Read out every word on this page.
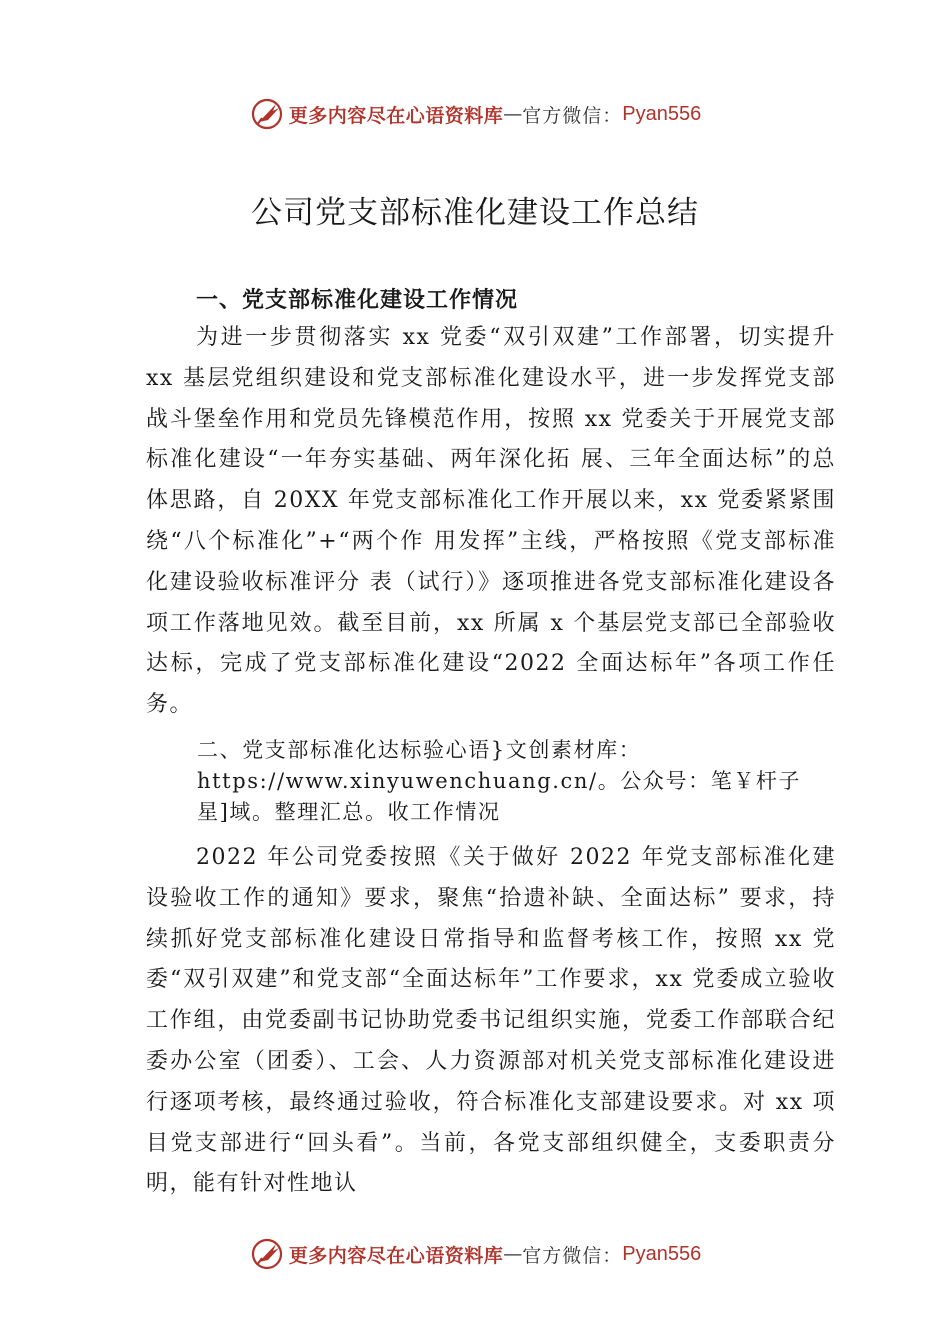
更多内容尽在心语资料库 — 官方微信： Pyan556
公司党支部标准化建设工作总结
一、党支部标准化建设工作情况

为进一步贯彻落实 xx 党委“双引双建”工作部署，切实提升 xx 基层党组织建设和党支部标准化建设水平，进一步发挥党支部战斗堡垒作用和党员先锋模范作用，按照 xx 党委关于开展党支部标准化建设“一年夯实基础、两年深化拓 展、三年全面达标”的总体思路，自 20XX 年党支部标准化工作开展以来，xx 党委紧紧围绕“八个标准化”+“两个作 用发挥”主线，严格按照《党支部标准化建设验收标准评分 表（试行）》逐项推进各党支部标准化建设各项工作落地见效。截至目前，xx 所属 x 个基层党支部已全部验收达标，完成了党支部标准化建设“2022 全面达标年”各项工作任务。

二、党支部标准化达标验心语}文创素材库：https://www.xinyuwenchuang.cn/。公众号：笔￥杆子星]域。整理汇总。收工作情况

2022 年公司党委按照《关于做好 2022 年党支部标准化建设验收工作的通知》要求，聚焦“拾遗补缺、全面达标” 要求，持续抓好党支部标准化建设日常指导和监督考核工作，按照 xx 党委“双引双建”和党支部“全面达标年”工作要求，xx 党委成立验收工作组，由党委副书记协助党委书记组织实施，党委工作部联合纪委办公室（团委）、工会、人力资源部对机关党支部标准化建设进行逐项考核，最终通过验收，符合标准化支部建设要求。对 xx 项目党支部进行“回头看”。当前，各党支部组织健全，支委职责分明，能有针对性地认

更多内容尽在心语资料库 — 官方微信： Pyan556
